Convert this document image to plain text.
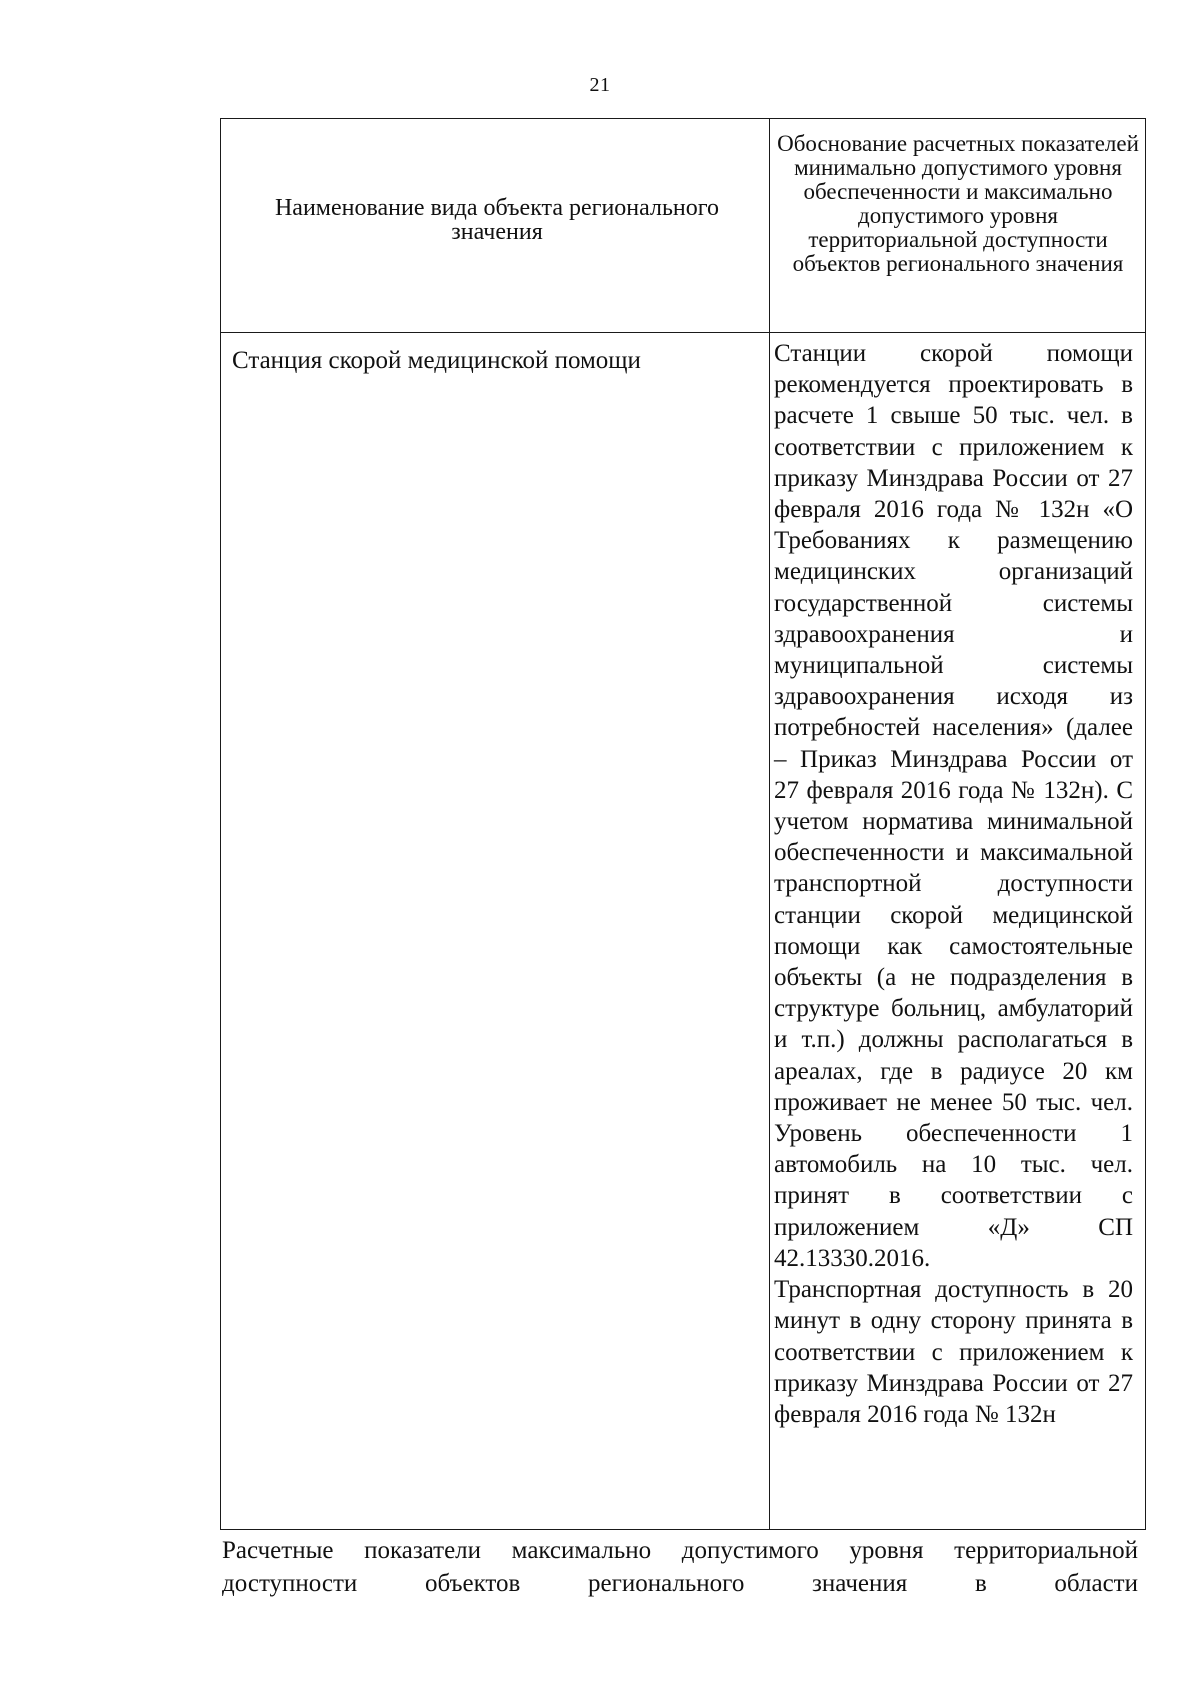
21
Наименование вида объекта регионального значения
Обоснование расчетных показателей минимально допустимого уровня обеспеченности и максимально допустимого уровня территориальной доступности объектов регионального значения
Станция скорой медицинской помощи	Станции скорой помощи рекомендуется проектировать в расчете 1 свыше 50 тыс. чел. в соответствии с приложением к приказу Минздрава России от 27 февраля 2016 года № 132н «О Требованиях к размещению медицинских организаций государственной системы здравоохранения и муниципальной системы здравоохранения исходя из потребностей населения» (далее – Приказ Минздрава России от 27 февраля 2016 года № 132н). С учетом норматива минимальной обеспеченности и максимальной транспортной доступности станции скорой медицинской помощи как самостоятельные объекты (а не подразделения в структуре больниц, амбулаторий и т.п.) должны располагаться в ареалах, где в радиусе 20 км проживает не менее 50 тыс. чел. Уровень обеспеченности 1 автомобиль на 10 тыс. чел. принят в соответствии с приложением «Д» СП 42.13330.2016.

Транспортная доступность в 20 минут в одну сторону принята в соответствии с приложением к приказу Минздрава России от 27 февраля 2016 года № 132н

Расчетные показатели максимально допустимого уровня территориальной доступности объектов регионального значения в области
